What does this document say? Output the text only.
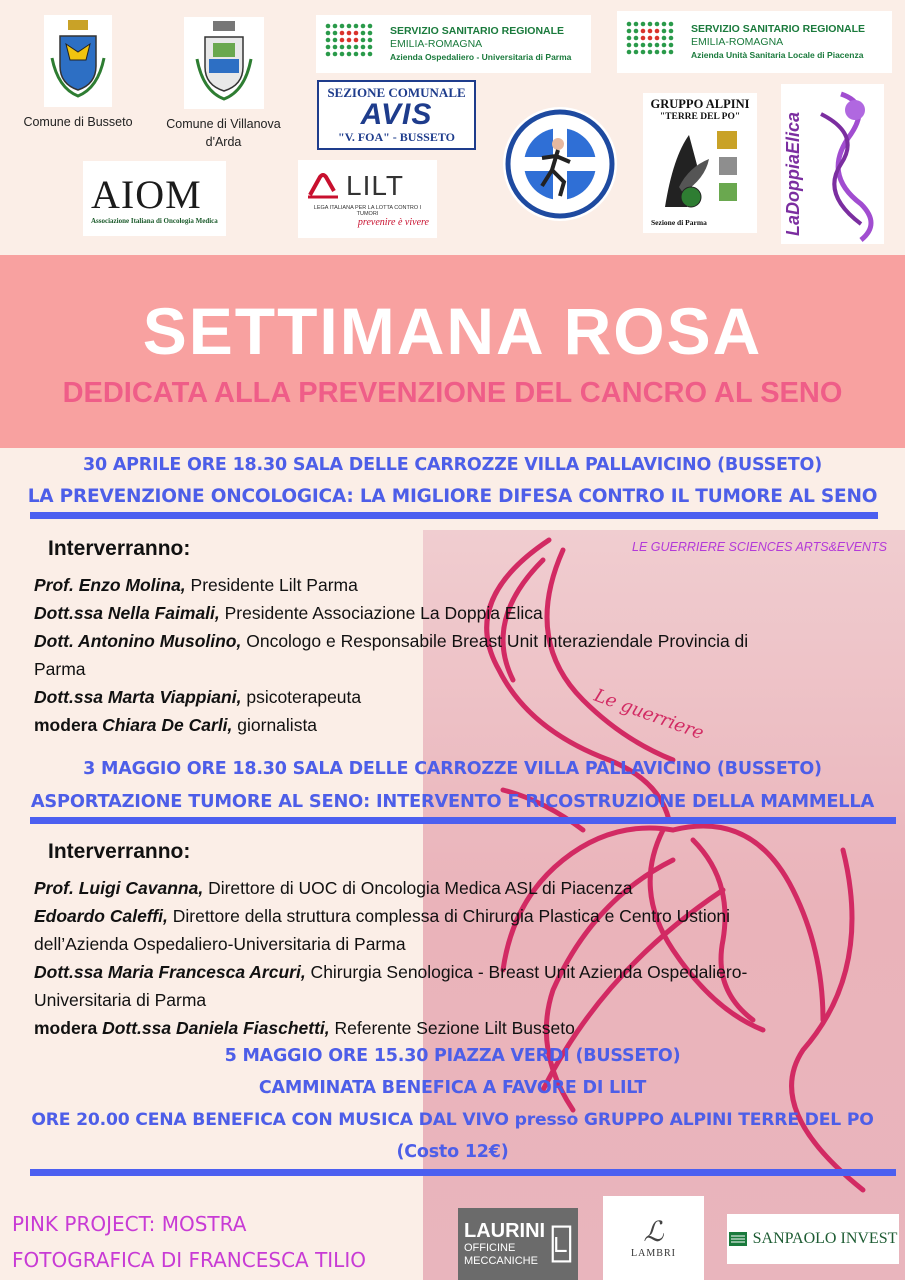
Comune di Busseto	Comune di Villanova
d'Arda
SERVIZIO SANITARIO REGIONALE
EMILIA-ROMAGNA
Azienda Ospedaliero - Universitaria di Parma
SERVIZIO SANITARIO REGIONALE
EMILIA-ROMAGNA
Azienda Unità Sanitaria Locale di Piacenza
SEZIONE COMUNALE
AVIS
"V. FOA" - BUSSETO
AIOM
Associazione Italiana di Oncologia Medica
LILT
LEGA ITALIANA PER LA LOTTA CONTRO I TUMORI
prevenire è vivere
GRUPPO ALPINI
"TERRE DEL PO"
Sezione di Parma	LaDoppiaElica
SETTIMANA ROSA
DEDICATA ALLA PREVENZIONE DEL CANCRO AL SENO
Le guerriere
30 APRILE ORE 18.30 SALA DELLE CARROZZE VILLA PALLAVICINO (BUSSETO)
LA PREVENZIONE ONCOLOGICA: LA MIGLIORE DIFESA CONTRO IL TUMORE AL SENO
Interverranno:	LE GUERRIERE SCIENCES ARTS&EVENTS
Prof. Enzo Molina, Presidente Lilt Parma
Dott.ssa Nella Faimali, Presidente Associazione La Doppia Elica
Dott. Antonino Musolino, Oncologo e Responsabile Breast Unit Interaziendale Provincia di
Parma
Dott.ssa Marta Viappiani, psicoterapeuta
modera Chiara De Carli, giornalista
3 MAGGIO ORE 18.30 SALA DELLE CARROZZE VILLA PALLAVICINO (BUSSETO)
ASPORTAZIONE TUMORE AL SENO: INTERVENTO E RICOSTRUZIONE DELLA MAMMELLA
Interverranno:
Prof. Luigi Cavanna, Direttore di UOC di Oncologia Medica ASL di Piacenza
Edoardo Caleffi, Direttore della struttura complessa di Chirurgia Plastica e Centro Ustioni
dell’Azienda Ospedaliero-Universitaria di Parma
Dott.ssa Maria Francesca Arcuri, Chirurgia Senologica - Breast Unit Azienda Ospedaliero-
Universitaria di Parma
modera Dott.ssa Daniela Fiaschetti, Referente Sezione Lilt Busseto
5 MAGGIO ORE 15.30 PIAZZA VERDI (BUSSETO)
CAMMINATA BENEFICA A FAVORE DI LILT
ORE 20.00 CENA BENEFICA CON MUSICA DAL VIVO presso GRUPPO ALPINI TERRE DEL PO
(Costo 12€)
PINK PROJECT: MOSTRA
FOTOGRAFICA DI FRANCESCA TILIO
LAURINI
OFFICINE
MECCANICHE
ℒ
LAMBRI
SANPAOLO INVEST
